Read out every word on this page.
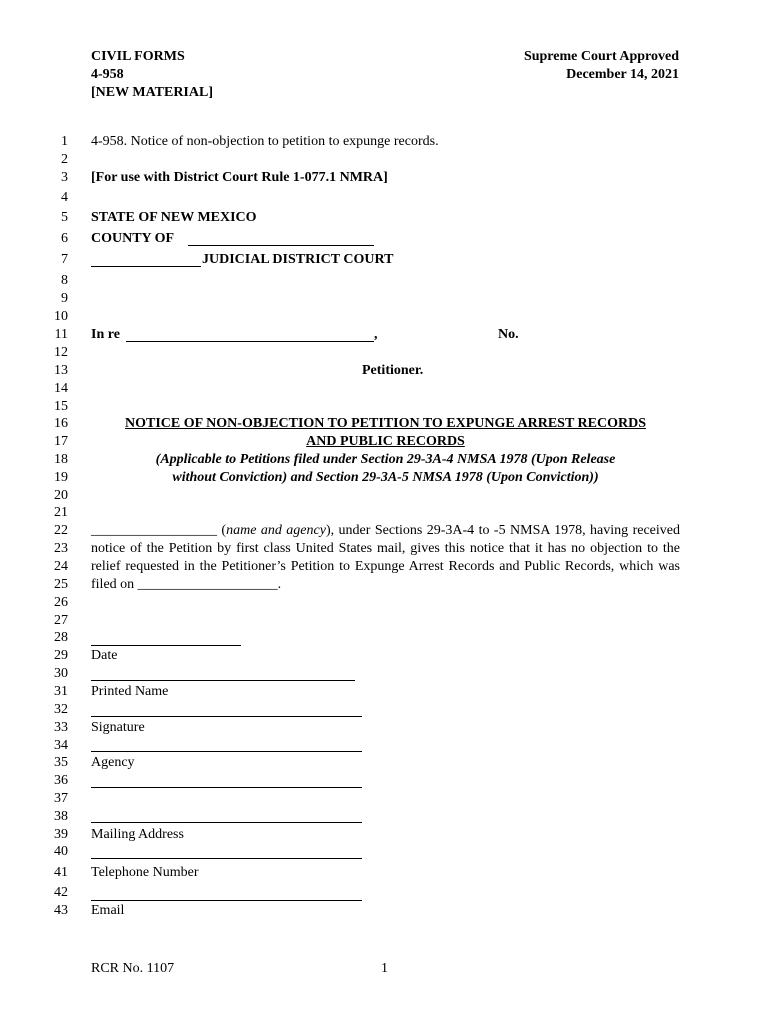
CIVIL FORMS
4-958
[NEW MATERIAL]
Supreme Court Approved
December 14, 2021
1
2
3
4
5
6
7
8
9
10
11
12
13
14
15
16
17
18
19
20
21
22
23
24
25
26
27
28
29
30
31
32
33
34
35
36
37
38
39
40
41
42
43
4-958. Notice of non-objection to petition to expunge records.
[For use with District Court Rule 1-077.1 NMRA]
STATE OF NEW MEXICO
COUNTY OF
JUDICIAL DISTRICT COURT
In re	,	No.
Petitioner.
NOTICE OF NON-OBJECTION TO PETITION TO EXPUNGE ARREST RECORDS
AND PUBLIC RECORDS
(Applicable to Petitions filed under Section 29-3A-4 NMSA 1978 (Upon Release
without Conviction) and Section 29-3A-5 NMSA 1978 (Upon Conviction))
__________________ (name and agency), under Sections 29-3A-4 to -5 NMSA 1978, having received notice of the Petition by first class United States mail, gives this notice that it has no objection to the relief requested in the Petitioner’s Petition to Expunge Arrest Records and Public Records, which was filed on ____________________.
Date
Printed Name
Signature
Agency
Mailing Address
Telephone Number
Email
RCR No. 1107	1
